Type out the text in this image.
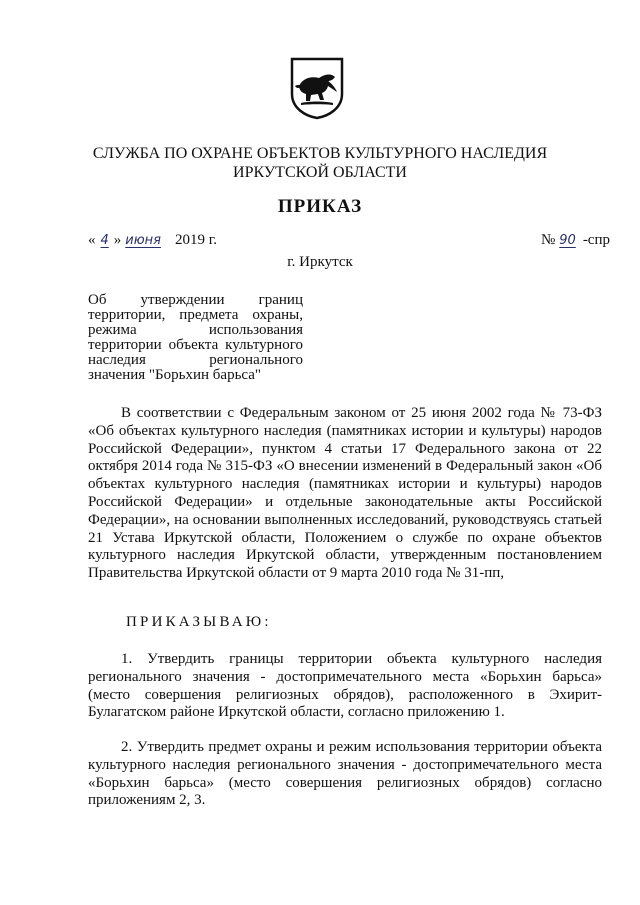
СЛУЖБА ПО ОХРАНЕ ОБЪЕКТОВ КУЛЬТУРНОГО НАСЛЕДИЯ
ИРКУТСКОЙ ОБЛАСТИ
ПРИКАЗ
« 4 » июня 2019 г.	№ 90 -спр
г. Иркутск
Об утверждении границ территории, предмета охраны, режима использования территории объекта культурного наследия регионального значения "Борьхин барьса"
В соответствии с Федеральным законом от 25 июня 2002 года № 73-ФЗ «Об объектах культурного наследия (памятниках истории и культуры) народов Российской Федерации», пунктом 4 статьи 17 Федерального закона от 22 октября 2014 года № 315-ФЗ «О внесении изменений в Федеральный закон «Об объектах культурного наследия (памятниках истории и культуры) народов Российской Федерации» и отдельные законодательные акты Российской Федерации», на основании выполненных исследований, руководствуясь статьей 21 Устава Иркутской области, Положением о службе по охране объектов культурного наследия Иркутской области, утвержденным постановлением Правительства Иркутской области от 9 марта 2010 года № 31-пп,
ПРИКАЗЫВАЮ:
1. Утвердить границы территории объекта культурного наследия регионального значения - достопримечательного места «Борьхин барьса» (место совершения религиозных обрядов), расположенного в Эхирит-Булагатском районе Иркутской области, согласно приложению 1.
2. Утвердить предмет охраны и режим использования территории объекта культурного наследия регионального значения - достопримечательного места «Борьхин барьса» (место совершения религиозных обрядов) согласно приложениям 2, 3.
